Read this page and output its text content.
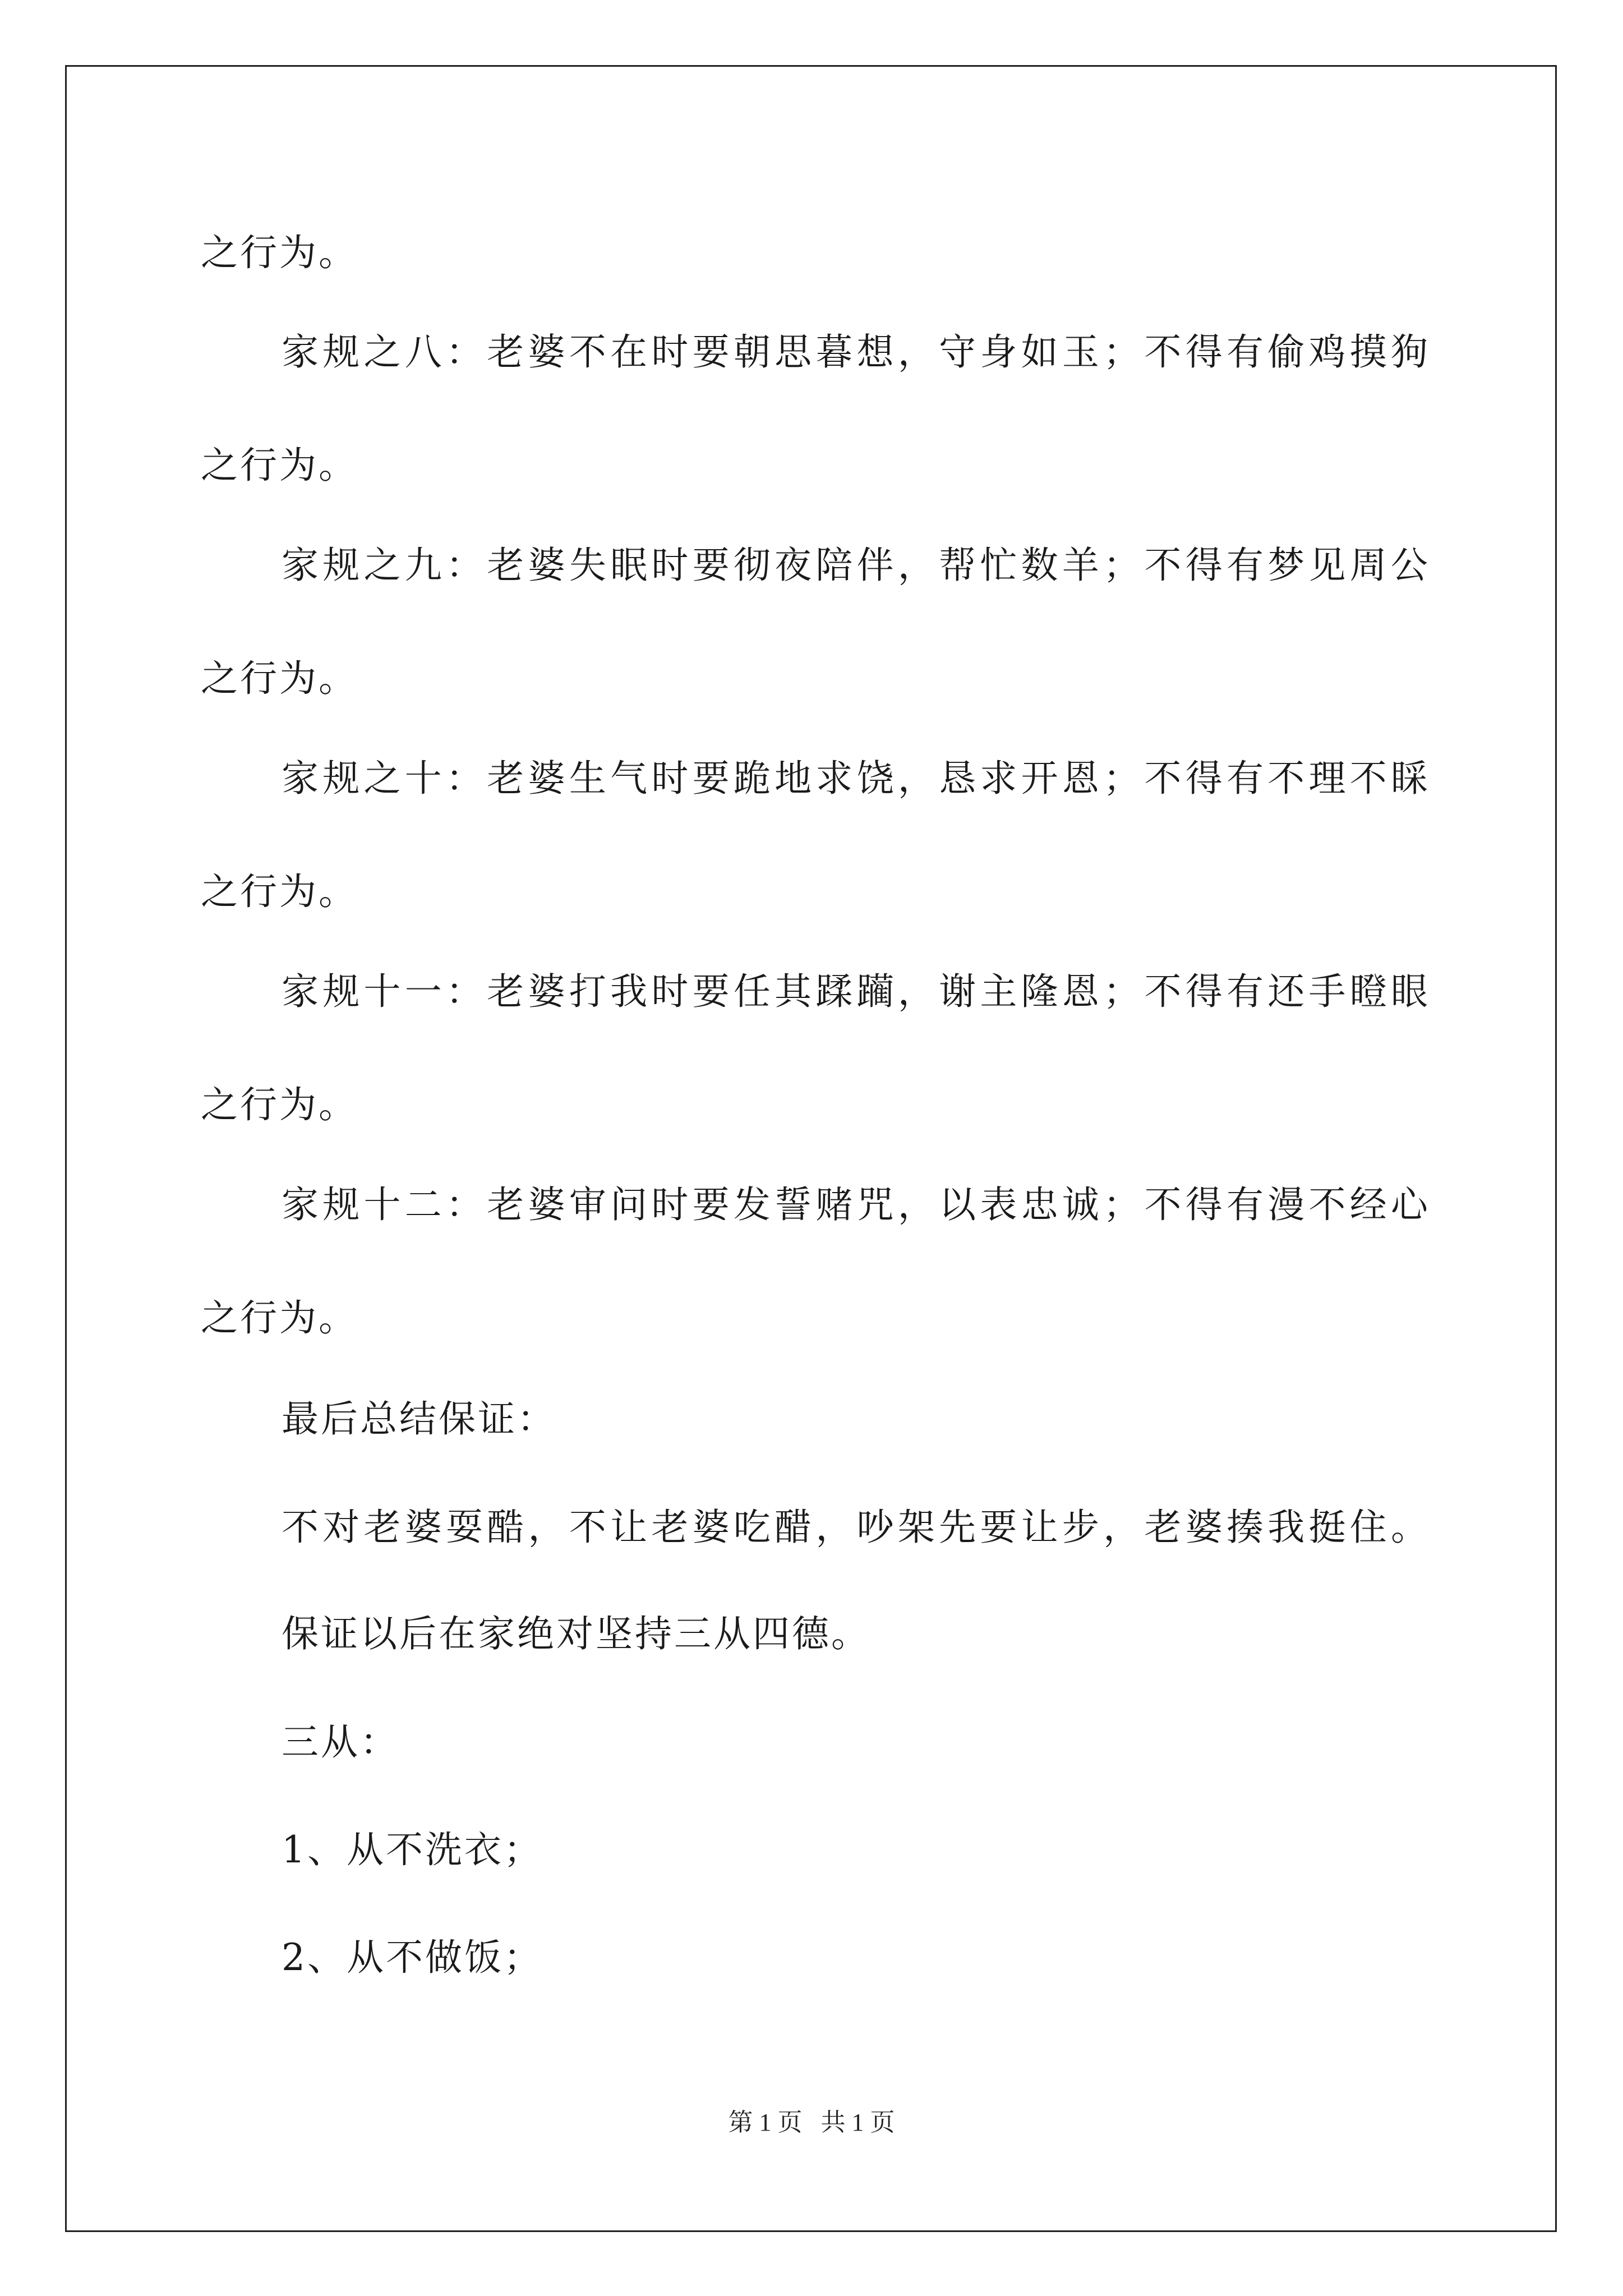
之行为。
家规之八：老婆不在时要朝思暮想，守身如玉；不得有偷鸡摸狗
之行为。
家规之九：老婆失眠时要彻夜陪伴，帮忙数羊；不得有梦见周公
之行为。
家规之十：老婆生气时要跪地求饶，恳求开恩；不得有不理不睬
之行为。
家规十一：老婆打我时要任其蹂躏，谢主隆恩；不得有还手瞪眼
之行为。
家规十二：老婆审问时要发誓赌咒，以表忠诚；不得有漫不经心
之行为。
最后总结保证：
不对老婆耍酷，不让老婆吃醋，吵架先要让步，老婆揍我挺住。
保证以后在家绝对坚持三从四德。
三从：
1、从不洗衣；
2、从不做饭；
第 1 页 共 1 页
